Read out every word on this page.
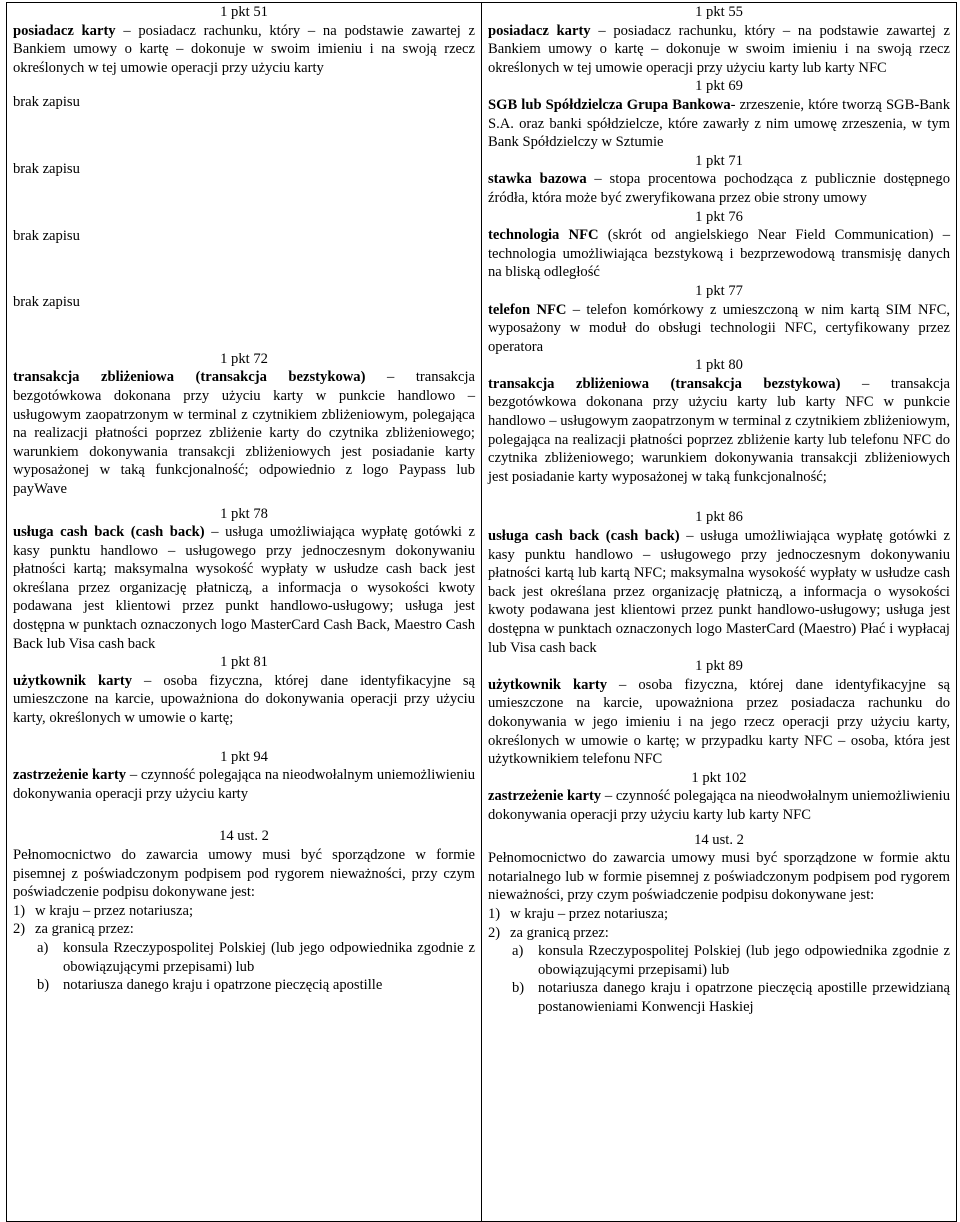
1 pkt 51

posiadacz karty – posiadacz rachunku, który – na podstawie zawartej z Bankiem umowy o kartę – dokonuje w swoim imieniu i na swoją rzecz określonych w tej umowie operacji przy użyciu karty

brak zapisu
brak zapisu
brak zapisu
brak zapisu
1 pkt 72

transakcja zbliżeniowa (transakcja bezstykowa) – transakcja bezgotówkowa dokonana przy użyciu karty w punkcie handlowo – usługowym zaopatrzonym w terminal z czytnikiem zbliżeniowym, polegająca na realizacji płatności poprzez zbliżenie karty do czytnika zbliżeniowego; warunkiem dokonywania transakcji zbliżeniowych jest posiadanie karty wyposażonej w taką funkcjonalność; odpowiednio z logo Paypass lub payWave

1 pkt 78

usługa cash back (cash back) – usługa umożliwiająca wypłatę gotówki z kasy punktu handlowo – usługowego przy jednoczesnym dokonywaniu płatności kartą; maksymalna wysokość wypłaty w usłudze cash back jest określana przez organizację płatniczą, a informacja o wysokości kwoty podawana jest klientowi przez punkt handlowo-usługowy; usługa jest dostępna w punktach oznaczonych logo MasterCard Cash Back, Maestro Cash Back lub Visa cash back

1 pkt 81

użytkownik karty – osoba fizyczna, której dane identyfikacyjne są umieszczone na karcie, upoważniona do dokonywania operacji przy użyciu karty, określonych w umowie o kartę;

1 pkt 94

zastrzeżenie karty – czynność polegająca na nieodwołalnym uniemożliwieniu dokonywania operacji przy użyciu karty

14 ust. 2

Pełnomocnictwo do zawarcia umowy musi być sporządzone w formie pisemnej z poświadczonym podpisem pod rygorem nieważności, przy czym poświadczenie podpisu dokonywane jest:

1) w kraju – przez notariusza;
2) za granicą przez:
a) konsula Rzeczypospolitej Polskiej (lub jego odpowiednika zgodnie z obowiązującymi przepisami) lub
b) notariusza danego kraju i opatrzone pieczęcią apostille

1 pkt 55

posiadacz karty – posiadacz rachunku, który – na podstawie zawartej z Bankiem umowy o kartę – dokonuje w swoim imieniu i na swoją rzecz określonych w tej umowie operacji przy użyciu karty lub karty NFC

1 pkt 69

SGB lub Spółdzielcza Grupa Bankowa- zrzeszenie, które tworzą SGB-Bank S.A. oraz banki spółdzielcze, które zawarły z nim umowę zrzeszenia, w tym Bank Spółdzielczy w Sztumie

1 pkt 71

stawka bazowa – stopa procentowa pochodząca z publicznie dostępnego źródła, która może być zweryfikowana przez obie strony umowy

1 pkt 76

technologia NFC (skrót od angielskiego Near Field Communication) – technologia umożliwiająca bezstykową i bezprzewodową transmisję danych na bliską odległość

1 pkt 77

telefon NFC – telefon komórkowy z umieszczoną w nim kartą SIM NFC, wyposażony w moduł do obsługi technologii NFC, certyfikowany przez operatora

1 pkt 80

transakcja zbliżeniowa (transakcja bezstykowa) – transakcja bezgotówkowa dokonana przy użyciu karty lub karty NFC w punkcie handlowo – usługowym zaopatrzonym w terminal z czytnikiem zbliżeniowym, polegająca na realizacji płatności poprzez zbliżenie karty lub telefonu NFC do czytnika zbliżeniowego; warunkiem dokonywania transakcji zbliżeniowych jest posiadanie karty wyposażonej w taką funkcjonalność;

1 pkt 86

usługa cash back (cash back) – usługa umożliwiająca wypłatę gotówki z kasy punktu handlowo – usługowego przy jednoczesnym dokonywaniu płatności kartą lub kartą NFC; maksymalna wysokość wypłaty w usłudze cash back jest określana przez organizację płatniczą, a informacja o wysokości kwoty podawana jest klientowi przez punkt handlowo-usługowy; usługa jest dostępna w punktach oznaczonych logo MasterCard (Maestro) Płać i wypłacaj lub Visa cash back

1 pkt 89

użytkownik karty – osoba fizyczna, której dane identyfikacyjne są umieszczone na karcie, upoważniona przez posiadacza rachunku do dokonywania w jego imieniu i na jego rzecz operacji przy użyciu karty, określonych w umowie o kartę; w przypadku karty NFC – osoba, która jest użytkownikiem telefonu NFC

1 pkt 102

zastrzeżenie karty – czynność polegająca na nieodwołalnym uniemożliwieniu dokonywania operacji przy użyciu karty lub karty NFC

14 ust. 2

Pełnomocnictwo do zawarcia umowy musi być sporządzone w formie aktu notarialnego lub w formie pisemnej z poświadczonym podpisem pod rygorem nieważności, przy czym poświadczenie podpisu dokonywane jest:

1) w kraju – przez notariusza;
2) za granicą przez:
a) konsula Rzeczypospolitej Polskiej (lub jego odpowiednika zgodnie z obowiązującymi przepisami) lub
b) notariusza danego kraju i opatrzone pieczęcią apostille przewidzianą postanowieniami Konwencji Haskiej
